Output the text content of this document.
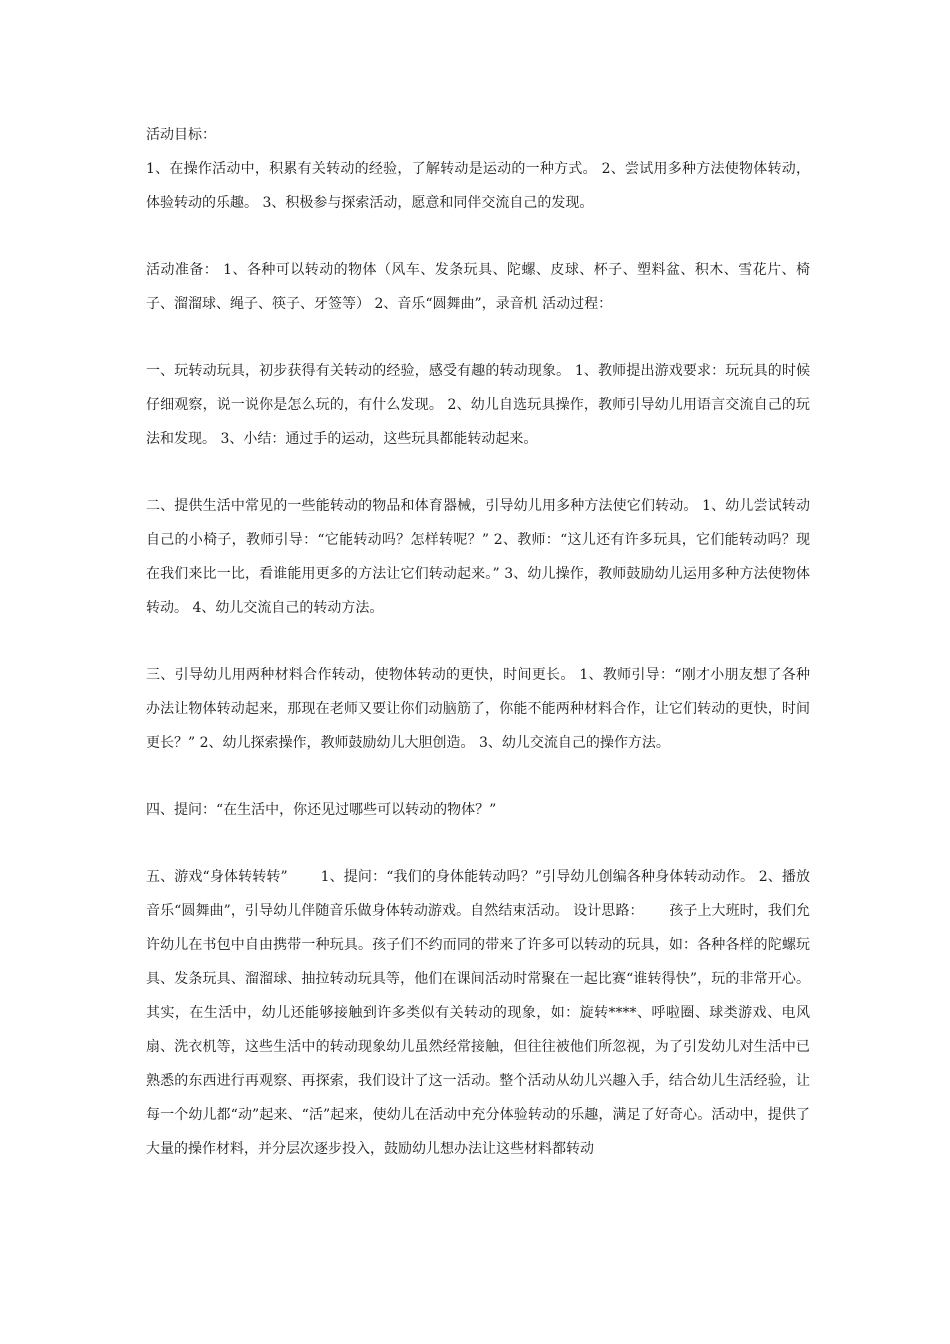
活动目标：

1、在操作活动中，积累有关转动的经验，了解转动是运动的一种方式。 2、尝试用多种方法使物体转动，体验转动的乐趣。 3、积极参与探索活动，愿意和同伴交流自己的发现。

活动准备： 1、各种可以转动的物体（风车、发条玩具、陀螺、皮球、杯子、塑料盆、积木、雪花片、椅子、溜溜球、绳子、筷子、牙签等） 2、音乐“圆舞曲”，录音机 活动过程：

一、玩转动玩具，初步获得有关转动的经验，感受有趣的转动现象。 1、教师提出游戏要求：玩玩具的时候仔细观察，说一说你是怎么玩的，有什么发现。 2、幼儿自选玩具操作，教师引导幼儿用语言交流自己的玩法和发现。 3、小结：通过手的运动，这些玩具都能转动起来。

二、提供生活中常见的一些能转动的物品和体育器械，引导幼儿用多种方法使它们转动。 1、幼儿尝试转动自己的小椅子，教师引导：“它能转动吗？怎样转呢？” 2、教师：“这儿还有许多玩具，它们能转动吗？现在我们来比一比，看谁能用更多的方法让它们转动起来。” 3、幼儿操作，教师鼓励幼儿运用多种方法使物体转动。 4、幼儿交流自己的转动方法。

三、引导幼儿用两种材料合作转动，使物体转动的更快，时间更长。 1、教师引导：“刚才小朋友想了各种办法让物体转动起来，那现在老师又要让你们动脑筋了，你能不能两种材料合作，让它们转动的更快，时间更长？” 2、幼儿探索操作，教师鼓励幼儿大胆创造。 3、幼儿交流自己的操作方法。

四、提问：“在生活中，你还见过哪些可以转动的物体？”

五、游戏“身体转转转”　　 1、提问：“我们的身体能转动吗？”引导幼儿创编各种身体转动动作。 2、播放音乐“圆舞曲”，引导幼儿伴随音乐做身体转动游戏。自然结束活动。 设计思路：　　 孩子上大班时，我们允许幼儿在书包中自由携带一种玩具。孩子们不约而同的带来了许多可以转动的玩具，如：各种各样的陀螺玩具、发条玩具、溜溜球、抽拉转动玩具等，他们在课间活动时常聚在一起比赛“谁转得快”，玩的非常开心。其实，在生活中，幼儿还能够接触到许多类似有关转动的现象，如：旋转****、呼啦圈、球类游戏、电风扇、洗衣机等，这些生活中的转动现象幼儿虽然经常接触，但往往被他们所忽视，为了引发幼儿对生活中已熟悉的东西进行再观察、再探索，我们设计了这一活动。整个活动从幼儿兴趣入手，结合幼儿生活经验，让每一个幼儿都“动”起来、“活”起来，使幼儿在活动中充分体验转动的乐趣，满足了好奇心。活动中，提供了大量的操作材料，并分层次逐步投入，鼓励幼儿想办法让这些材料都转动
